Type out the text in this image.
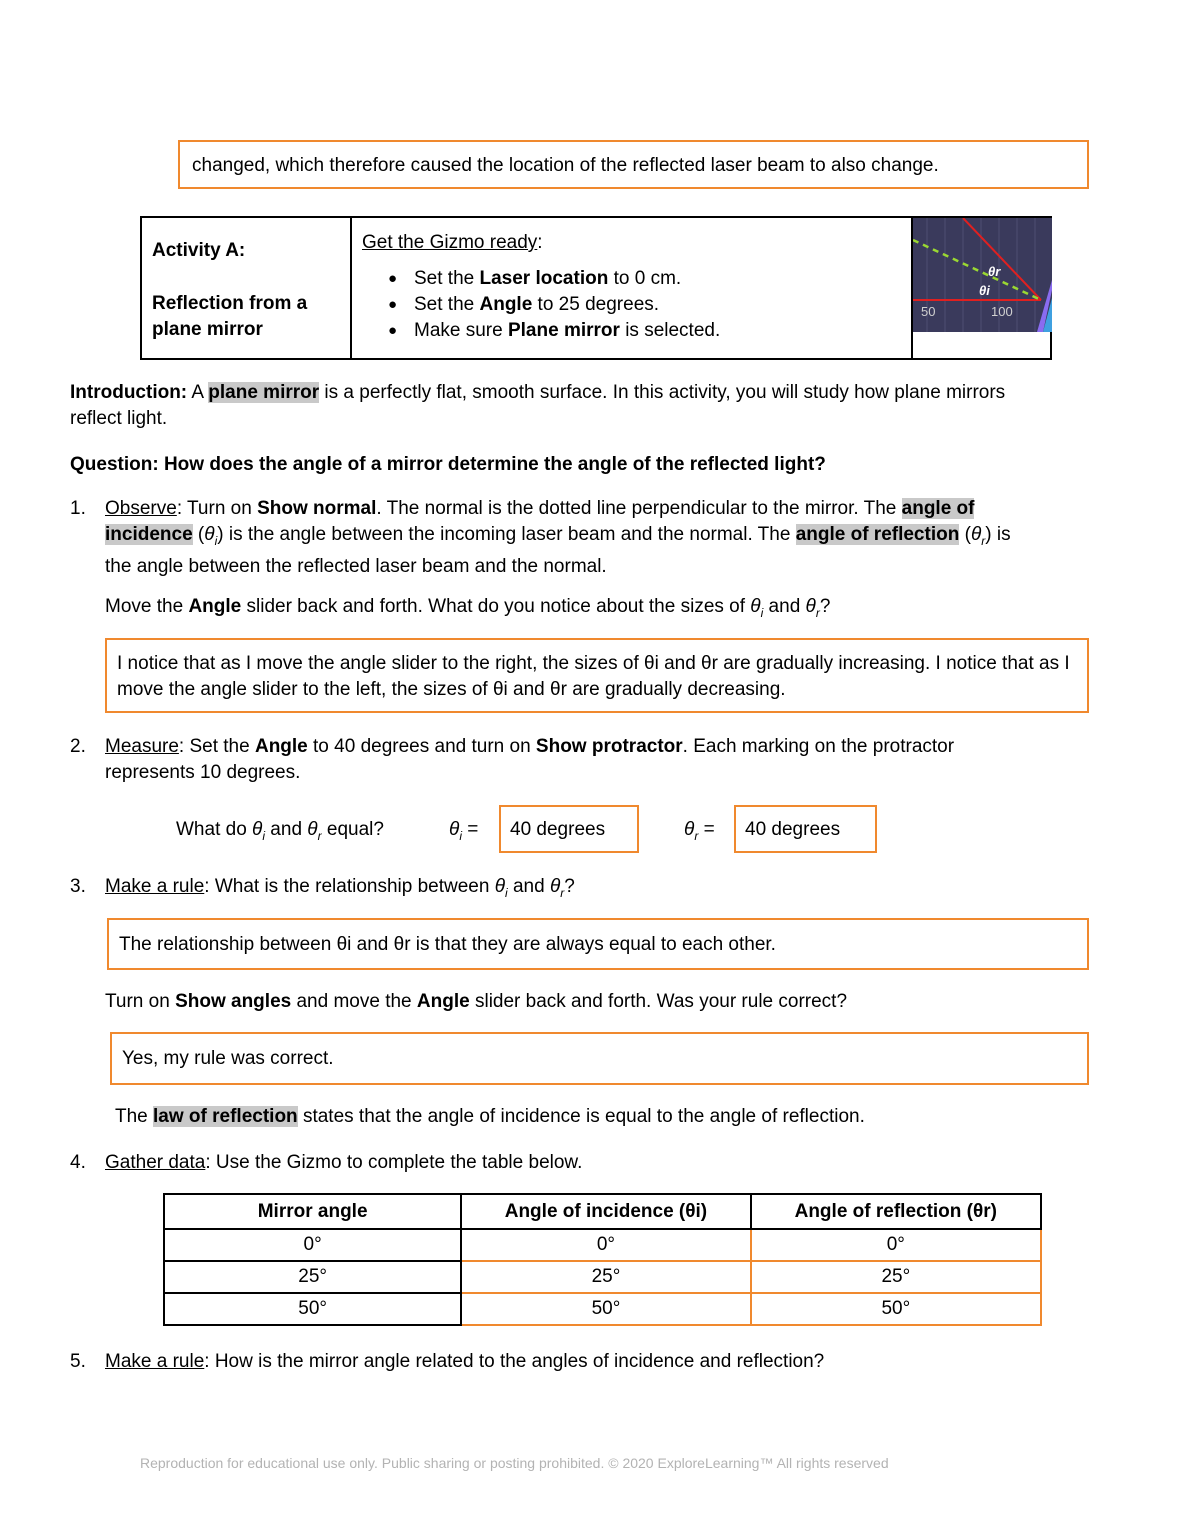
changed, which therefore caused the location of the reflected laser beam to also change.
Activity A:
Reflection from a plane mirror
Get the Gizmo ready:
● Set the Laser location to 0 cm.
● Set the Angle to 25 degrees.
● Make sure Plane mirror is selected.
50	100
θr
θi
Introduction: A plane mirror is a perfectly flat, smooth surface. In this activity, you will study how plane mirrors reflect light.
Question: How does the angle of a mirror determine the angle of the reflected light?
1. Observe: Turn on Show normal. The normal is the dotted line perpendicular to the mirror. The angle of incidence $(\theta_i)$ is the angle between the incoming laser beam and the normal. The angle of reflection $(\theta_r)$ is the angle between the reflected laser beam and the normal.
Move the Angle slider back and forth. What do you notice about the sizes of $\theta_i$ and $\theta_r$?
I notice that as I move the angle slider to the right, the sizes of θi and θr are gradually increasing. I notice that as I move the angle slider to the left, the sizes of θi and θr are gradually decreasing.
2. Measure: Set the Angle to 40 degrees and turn on Show protractor. Each marking on the protractor represents 10 degrees.
What do $\theta_i$ and $\theta_r$ equal?	$\theta_i = 40$ degrees	$\theta_r = 40$ degrees
3. Make a rule: What is the relationship between $\theta_i$ and $\theta_r$?
The relationship between θi and θr is that they are always equal to each other.
Turn on Show angles and move the Angle slider back and forth. Was your rule correct?
Yes, my rule was correct.
The law of reflection states that the angle of incidence is equal to the angle of reflection.
4. Gather data: Use the Gizmo to complete the table below.
Mirror angle	Angle of incidence (θi)	Angle of reflection (θr)
0°	0°	0°
25°	25°	25°
50°	50°	50°
5. Make a rule: How is the mirror angle related to the angles of incidence and reflection?
Reproduction for educational use only. Public sharing or posting prohibited. © 2020 ExploreLearning™ All rights reserved
